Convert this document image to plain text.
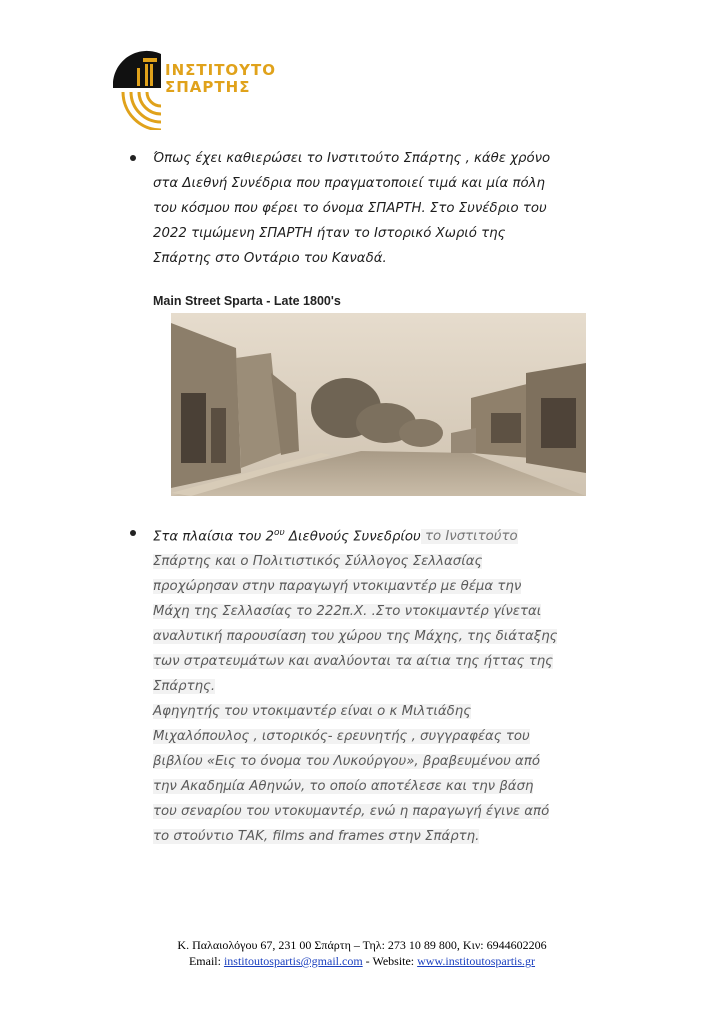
ΙΝΣΤΙΤΟΥΤΟ
ΣΠΑΡΤΗΣ
Όπως έχει καθιερώσει το Ινστιτούτο Σπάρτης , κάθε χρόνο
στα Διεθνή Συνέδρια που πραγματοποιεί τιμά και μία πόλη
του κόσμου που φέρει το όνομα ΣΠΑΡΤΗ. Στο Συνέδριο του
2022 τιμώμενη ΣΠΑΡΤΗ ήταν το Ιστορικό Χωριό της
Σπάρτης στο Οντάριο του Καναδά.
Main Street Sparta - Late 1800's
Στα πλαίσια του $2^{o\upsilon}$ Διεθνούς Συνεδρίου το Ινστιτούτο
Σπάρτης και ο Πολιτιστικός Σύλλογος Σελλασίας
προχώρησαν στην παραγωγή ντοκιμαντέρ με θέμα την
Μάχη της Σελλασίας το 222π.Χ. .Στο ντοκιμαντέρ γίνεται
αναλυτική παρουσίαση του χώρου της Μάχης, της διάταξης
των στρατευμάτων και αναλύονται τα αίτια της ήττας της
Σπάρτης.
Αφηγητής του ντοκιμαντέρ είναι ο κ Μιλτιάδης
Μιχαλόπουλος , ιστορικός- ερευνητής , συγγραφέας του
βιβλίου «Εις το όνομα του Λυκούργου», βραβευμένου από
την Ακαδημία Αθηνών, το οποίο αποτέλεσε και την βάση
του σεναρίου του ντοκυμαντέρ, ενώ η παραγωγή έγινε από
το στούντιο ΤΑΚ, films and frames στην Σπάρτη.
Κ. Παλαιολόγου 67, 231 00 Σπάρτη – Τηλ: 273 10 89 800, Κιν: 6944602206
Email: institoutospartis@gmail.com - Website: www.institoutospartis.gr
